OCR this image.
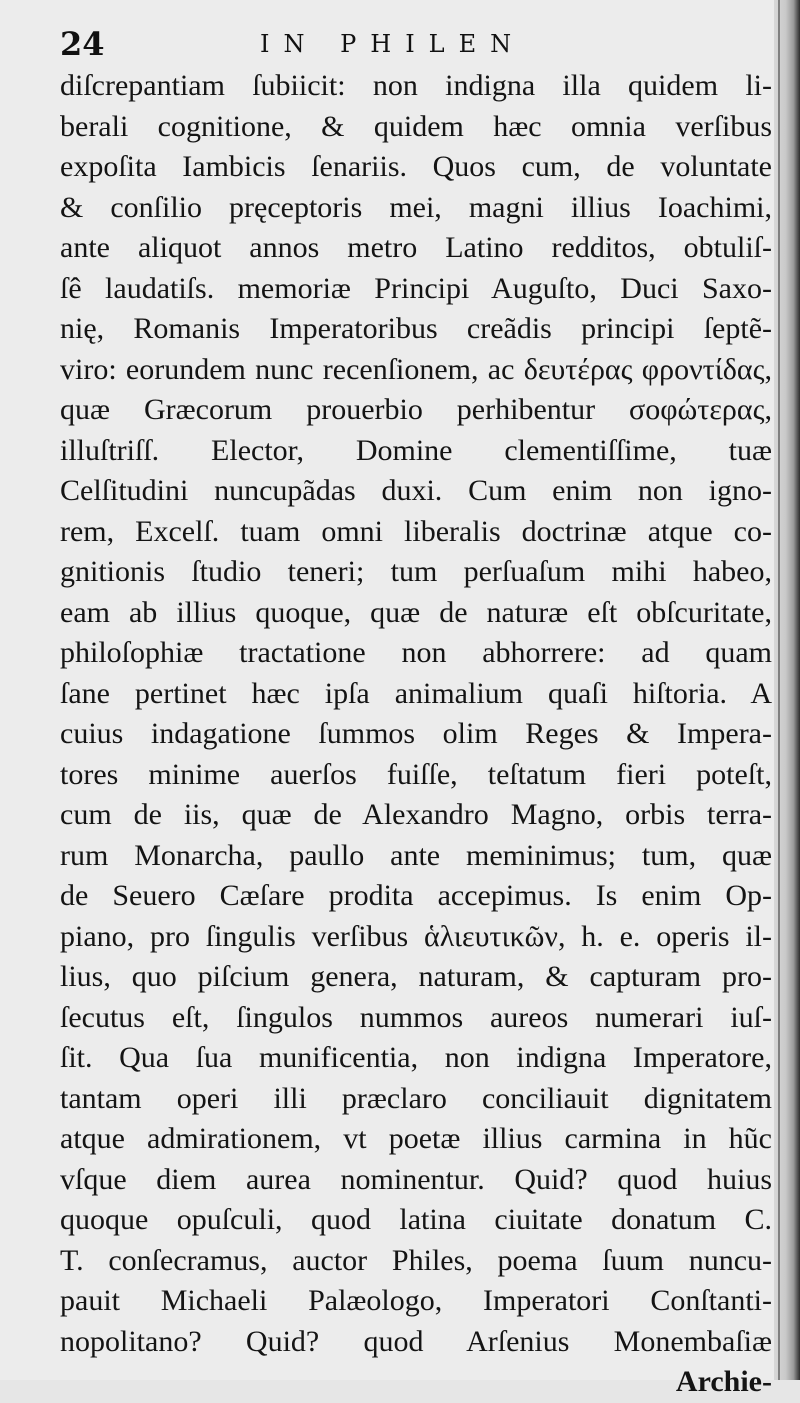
24	IN PHILEN
diſcrepantiam ſubiicit: non indigna illa quidem li-
berali cognitione, & quidem hæc omnia verſibus
expoſita Iambicis ſenariis. Quos cum, de voluntate
& conſilio pręceptoris mei, magni illius Ioachimi,
ante aliquot annos metro Latino redditos, obtuliſ-
ſê laudatiſs. memoriæ Principi Auguſto, Duci Saxo-
nię, Romanis Imperatoribus creãdis principi ſeptẽ-
viro: eorundem nunc recenſionem, ac δευτέρας φροντίδας,
quæ Græcorum prouerbio perhibentur σοφώτερας,
illuſtriſſ. Elector, Domine clementiſſime, tuæ
Celſitudini nuncupãdas duxi. Cum enim non igno-
rem, Excelſ. tuam omni liberalis doctrinæ atque co-
gnitionis ſtudio teneri; tum perſuaſum mihi habeo,
eam ab illius quoque, quæ de naturæ eſt obſcuritate,
philoſophiæ tractatione non abhorrere: ad quam
ſane pertinet hæc ipſa animalium quaſi hiſtoria. A
cuius indagatione ſummos olim Reges & Impera-
tores minime auerſos fuiſſe, teſtatum fieri poteſt,
cum de iis, quæ de Alexandro Magno, orbis terra-
rum Monarcha, paullo ante meminimus; tum, quæ
de Seuero Cæſare prodita accepimus. Is enim Op-
piano, pro ſingulis verſibus ἁλιευτικῶν, h. e. operis il-
lius, quo piſcium genera, naturam, & capturam pro-
ſecutus eſt, ſingulos nummos aureos numerari iuſ-
ſit. Qua ſua munificentia, non indigna Imperatore,
tantam operi illi præclaro conciliauit dignitatem
atque admirationem, vt poetæ illius carmina in hũc
vſque diem aurea nominentur. Quid? quod huius
quoque opuſculi, quod latina ciuitate donatum C.
T. conſecramus, auctor Philes, poema ſuum nuncu-
pauit Michaeli Palæologo, Imperatori Conſtanti-
nopolitano? Quid? quod Arſenius Monembaſiæ
Archie-
